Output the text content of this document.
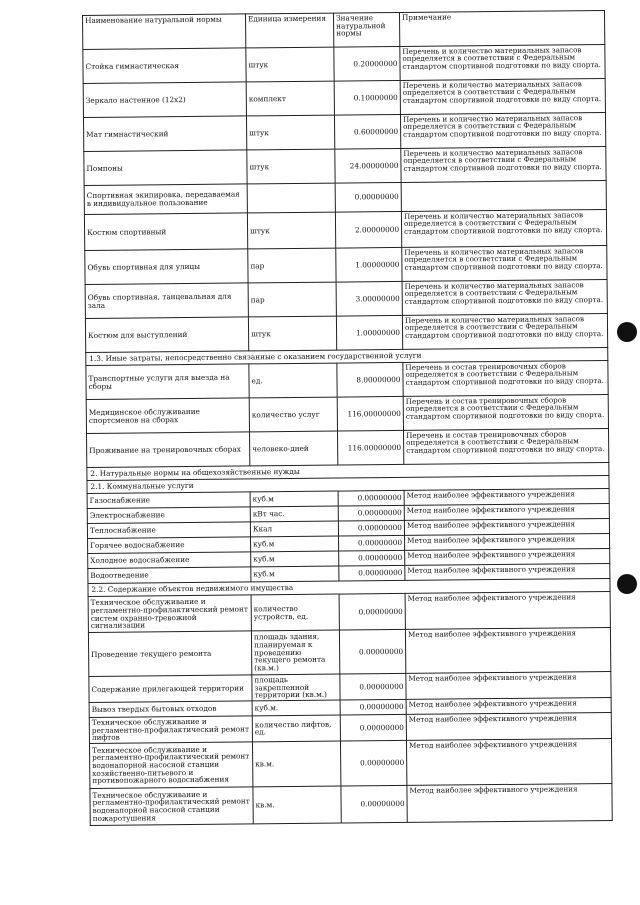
Наименование натуральной нормы	Единица измерения	Значение натуральной нормы	Примечание
Стойка гимнастическая	штук	0.20000000	Перечень и количество материальных запасов определяется в соответствии с Федеральным стандартом спортивной подготовки по виду спорта.
Зеркало настенное (12x2)	комплект	0.10000000	Перечень и количество материальных запасов определяется в соответствии с Федеральным стандартом спортивной подготовки по виду спорта.
Мат гимнастический	штук	0.60000000	Перечень и количество материальных запасов определяется в соответствии с Федеральным стандартом спортивной подготовки по виду спорта.
Помпоны	штук	24.00000000	Перечень и количество материальных запасов определяется в соответствии с Федеральным стандартом спортивной подготовки по виду спорта.
Спортивная экипировка, передаваемая в индивидуальное пользование		0.00000000	
Костюм спортивный	штук	2.00000000	Перечень и количество материальных запасов определяется в соответствии с Федеральным стандартом спортивной подготовки по виду спорта.
Обувь спортивная для улицы	пар	1.00000000	Перечень и количество материальных запасов определяется в соответствии с Федеральным стандартом спортивной подготовки по виду спорта.
Обувь спортивная, танцевальная для зала	пар	3.00000000	Перечень и количество материальных запасов определяется в соответствии с Федеральным стандартом спортивной подготовки по виду спорта.
Костюм для выступлений	штук	1.00000000	Перечень и количество материальных запасов определяется в соответствии с Федеральным стандартом спортивной подготовки по виду спорта.
1.3. Иные затраты, непосредственно связанные с оказанием государственной услуги			
Транспортные услуги для выезда на сборы	ед.	8.00000000	Перечень и состав тренировочных сборов определяется в соответствии с Федеральным стандартом спортивной подготовки по виду спорта.
Медицинское обслуживание спортсменов на сборах	количество услуг	116.00000000	Перечень и состав тренировочных сборов определяется в соответствии с Федеральным стандартом спортивной подготовки по виду спорта.
Проживание на тренировочных сборах	человеко-дней	116.00000000	Перечень и состав тренировочных сборов определяется в соответствии с Федеральным стандартом спортивной подготовки по виду спорта.
2. Натуральные нормы на общехозяйственные нужды			
2.1. Коммунальные услуги			
Газоснабжение	куб.м	0.00000000	Метод наиболее эффективного учреждения
Электроснабжение	кВт час.	0.00000000	Метод наиболее эффективного учреждения
Теплоснабжение	Ккал	0.00000000	Метод наиболее эффективного учреждения
Горячее водоснабжение	куб.м	0.00000000	Метод наиболее эффективного учреждения
Холодное водоснабжение	куб.м	0.00000000	Метод наиболее эффективного учреждения
Водоотведение	куб.м	0.00000000	Метод наиболее эффективного учреждения
2.2. Содержание объектов недвижимого имущества			
Техническое обслуживание и регламентно-профилактический ремонт систем охранно-тревожной сигнализации	количество устройств, ед.	0.00000000	Метод наиболее эффективного учреждения
Проведение текущего ремонта	площадь здания, планируемая к проведению текущего ремонта (кв.м.)	0.00000000	Метод наиболее эффективного учреждения
Содержание прилегающей территории	площадь закрепленной территории (кв.м.)	0.00000000	Метод наиболее эффективного учреждения
Вывоз твердых бытовых отходов	куб.м.	0.00000000	Метод наиболее эффективного учреждения
Техническое обслуживание и регламентно-профилактический ремонт лифтов	количество лифтов, ед.	0.00000000	Метод наиболее эффективного учреждения
Техническое обслуживание и регламентно-профилактический ремонт водонапорной насосной станции хозяйственно-питьевого и противопожарного водоснабжения	кв.м.	0.00000000	Метод наиболее эффективного учреждения
Техническое обслуживание и регламентно-профилактический ремонт водонапорной насосной станции пожаротушения	кв.м.	0.00000000	Метод наиболее эффективного учреждения
